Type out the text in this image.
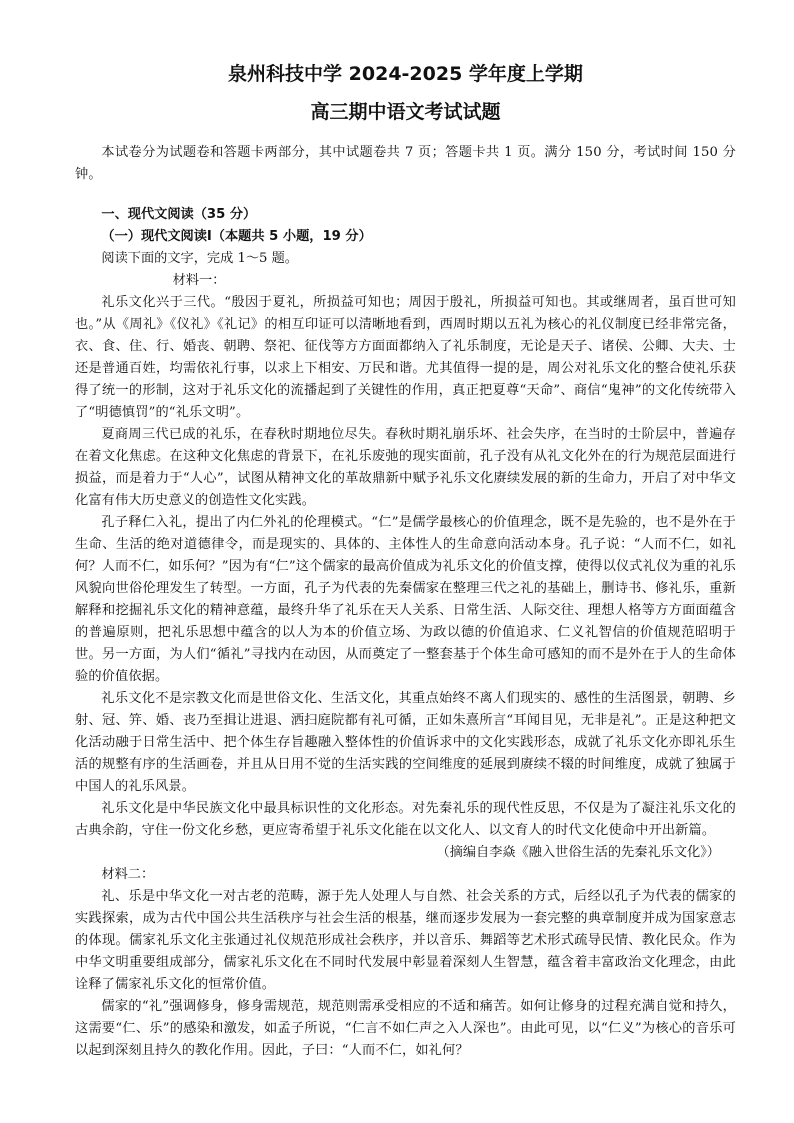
泉州科技中学 2024-2025 学年度上学期

高三期中语文考试试题

本试卷分为试题卷和答题卡两部分，其中试题卷共 7 页；答题卡共 1 页。满分 150 分，考试时间 150 分钟。

一、现代文阅读（35 分）

（一）现代文阅读Ⅰ（本题共 5 小题，19 分）

阅读下面的文字，完成 1～5 题。

材料一：

礼乐文化兴于三代。“殷因于夏礼，所损益可知也；周因于殷礼，所损益可知也。其或继周者，虽百世可知也。”从《周礼》《仪礼》《礼记》的相互印证可以清晰地看到，西周时期以五礼为核心的礼仪制度已经非常完备，衣、食、住、行、婚丧、朝聘、祭祀、征伐等方方面面都纳入了礼乐制度，无论是天子、诸侯、公卿、大夫、士还是普通百姓，均需依礼行事，以求上下相安、万民和谐。尤其值得一提的是，周公对礼乐文化的整合使礼乐获得了统一的形制，这对于礼乐文化的流播起到了关键性的作用，真正把夏尊“天命”、商信“鬼神”的文化传统带入了“明德慎罚”的“礼乐文明”。

夏商周三代已成的礼乐，在春秋时期地位尽失。春秋时期礼崩乐坏、社会失序，在当时的士阶层中，普遍存在着文化焦虑。在这种文化焦虑的背景下，在礼乐废弛的现实面前，孔子没有从礼文化外在的行为规范层面进行损益，而是着力于“人心”，试图从精神文化的革故鼎新中赋予礼乐文化赓续发展的新的生命力，开启了对中华文化富有伟大历史意义的创造性文化实践。

孔子释仁入礼，提出了内仁外礼的伦理模式。“仁”是儒学最核心的价值理念，既不是先验的，也不是外在于生命、生活的绝对道德律令，而是现实的、具体的、主体性人的生命意向活动本身。孔子说：“人而不仁，如礼何？人而不仁，如乐何？”因为有“仁”这个儒家的最高价值成为礼乐文化的价值支撑，使得以仪式礼仪为重的礼乐风貌向世俗伦理发生了转型。一方面，孔子为代表的先秦儒家在整理三代之礼的基础上，删诗书、修礼乐，重新解释和挖掘礼乐文化的精神意蕴，最终升华了礼乐在天人关系、日常生活、人际交往、理想人格等方方面面蕴含的普遍原则，把礼乐思想中蕴含的以人为本的价值立场、为政以德的价值追求、仁义礼智信的价值规范昭明于世。另一方面，为人们“循礼”寻找内在动因，从而奠定了一整套基于个体生命可感知的而不是外在于人的生命体验的价值依据。

礼乐文化不是宗教文化而是世俗文化、生活文化，其重点始终不离人们现实的、感性的生活图景，朝聘、乡射、冠、笄、婚、丧乃至揖让进退、洒扫庭院都有礼可循，正如朱熹所言“耳闻目见，无非是礼”。正是这种把文化活动融于日常生活中、把个体生存旨趣融入整体性的价值诉求中的文化实践形态，成就了礼乐文化亦即礼乐生活的规整有序的生活画卷，并且从日用不觉的生活实践的空间维度的延展到赓续不辍的时间维度，成就了独属于中国人的礼乐风景。

礼乐文化是中华民族文化中最具标识性的文化形态。对先秦礼乐的现代性反思，不仅是为了凝注礼乐文化的古典余韵，守住一份文化乡愁，更应寄希望于礼乐文化能在以文化人、以文育人的时代文化使命中开出新篇。

（摘编自李焱《融入世俗生活的先秦礼乐文化》）

材料二：

礼、乐是中华文化一对古老的范畴，源于先人处理人与自然、社会关系的方式，后经以孔子为代表的儒家的实践探索，成为古代中国公共生活秩序与社会生活的根基，继而逐步发展为一套完整的典章制度并成为国家意志的体现。儒家礼乐文化主张通过礼仪规范形成社会秩序，并以音乐、舞蹈等艺术形式疏导民情、教化民众。作为中华文明重要组成部分，儒家礼乐文化在不同时代发展中彰显着深刻人生智慧，蕴含着丰富政治文化理念，由此诠释了儒家礼乐文化的恒常价值。

儒家的“礼”强调修身，修身需规范，规范则需承受相应的不适和痛苦。如何让修身的过程充满自觉和持久，这需要“仁、乐”的感染和激发，如孟子所说，“仁言不如仁声之入人深也”。由此可见，以“仁义”为核心的音乐可以起到深刻且持久的教化作用。因此，子曰：“人而不仁，如礼何？
